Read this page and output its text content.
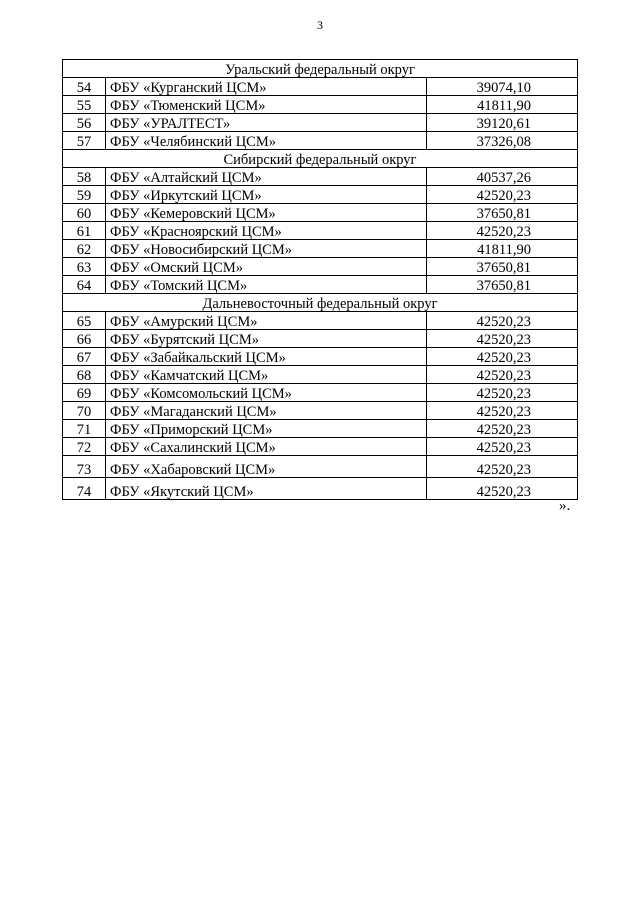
3
Уральский федеральный округ		
54	ФБУ «Курганский ЦСМ»	39074,10
55	ФБУ «Тюменский ЦСМ»	41811,90
56	ФБУ «УРАЛТЕСТ»	39120,61
57	ФБУ «Челябинский ЦСМ»	37326,08
Сибирский федеральный округ		
58	ФБУ «Алтайский ЦСМ»	40537,26
59	ФБУ «Иркутский ЦСМ»	42520,23
60	ФБУ «Кемеровский ЦСМ»	37650,81
61	ФБУ «Красноярский ЦСМ»	42520,23
62	ФБУ «Новосибирский ЦСМ»	41811,90
63	ФБУ «Омский ЦСМ»	37650,81
64	ФБУ «Томский ЦСМ»	37650,81
Дальневосточный федеральный округ		
65	ФБУ «Амурский ЦСМ»	42520,23
66	ФБУ «Бурятский ЦСМ»	42520,23
67	ФБУ «Забайкальский ЦСМ»	42520,23
68	ФБУ «Камчатский ЦСМ»	42520,23
69	ФБУ «Комсомольский ЦСМ»	42520,23
70	ФБУ «Магаданский ЦСМ»	42520,23
71	ФБУ «Приморский ЦСМ»	42520,23
72	ФБУ «Сахалинский ЦСМ»	42520,23
73	ФБУ «Хабаровский ЦСМ»	42520,23
74	ФБУ «Якутский ЦСМ»	42520,23
».
